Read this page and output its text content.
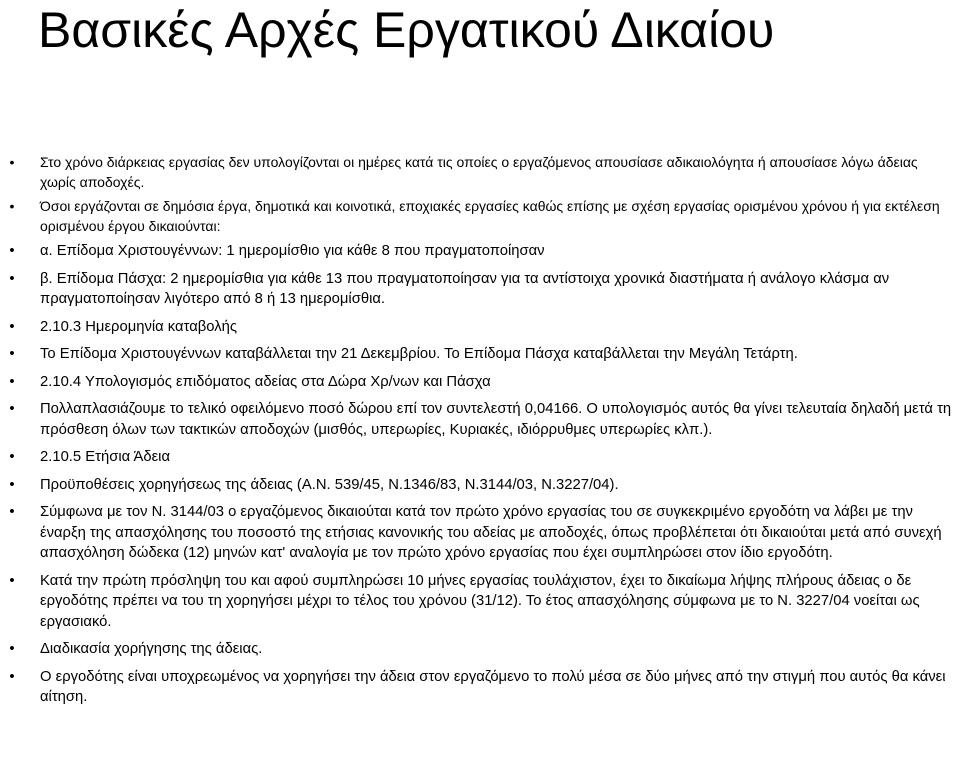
Βασικές Αρχές Εργατικού Δικαίου
• Στο χρόνο διάρκειας εργασίας δεν υπολογίζονται οι ημέρες κατά τις οποίες ο εργαζόμενος απουσίασε αδικαιολόγητα ή απουσίασε λόγω άδειας χωρίς αποδοχές.
• Όσοι εργάζονται σε δημόσια έργα, δημοτικά και κοινοτικά, εποχιακές εργασίες καθώς επίσης με σχέση εργασίας ορισμένου χρόνου ή για εκτέλεση ορισμένου έργου δικαιούνται:
• α. Επίδομα Χριστουγέννων: 1 ημερομίσθιο για κάθε 8 που πραγματοποίησαν
• β. Επίδομα Πάσχα: 2 ημερομίσθια για κάθε 13 που πραγματοποίησαν για τα αντίστοιχα χρονικά διαστήματα ή ανάλογο κλάσμα αν πραγματοποίησαν λιγότερο από 8 ή 13 ημερομίσθια.
• 2.10.3 Ημερομηνία καταβολής
• Το Επίδομα Χριστουγέννων καταβάλλεται την 21 Δεκεμβρίου. Το Επίδομα Πάσχα καταβάλλεται την Μεγάλη Τετάρτη.
• 2.10.4 Υπολογισμός επιδόματος αδείας στα Δώρα Χρ/νων και Πάσχα
• Πολλαπλασιάζουμε το τελικό οφειλόμενο ποσό δώρου επί τον συντελεστή 0,04166. Ο υπολογισμός αυτός θα γίνει τελευταία δηλαδή μετά τη πρόσθεση όλων των τακτικών αποδοχών (μισθός, υπερωρίες, Κυριακές, ιδιόρρυθμες υπερωρίες κλπ.).
• 2.10.5 Ετήσια Άδεια
• Προϋποθέσεις χορηγήσεως της άδειας (Α.Ν. 539/45, Ν.1346/83, Ν.3144/03, Ν.3227/04).
• Σύμφωνα με τον Ν. 3144/03 ο εργαζόμενος δικαιούται κατά τον πρώτο χρόνο εργασίας του σε συγκεκριμένο εργοδότη να λάβει με την έναρξη της απασχόλησης του ποσοστό της ετήσιας κανονικής του αδείας με αποδοχές, όπως προβλέπεται ότι δικαιούται μετά από συνεχή απασχόληση δώδεκα (12) μηνών κατ' αναλογία με τον πρώτο χρόνο εργασίας που έχει συμπληρώσει στον ίδιο εργοδότη.
• Κατά την πρώτη πρόσληψη του και αφού συμπληρώσει 10 μήνες εργασίας τουλάχιστον, έχει το δικαίωμα λήψης πλήρους άδειας ο δε εργοδότης πρέπει να του τη χορηγήσει μέχρι το τέλος του χρόνου (31/12). Το έτος απασχόλησης σύμφωνα με το Ν. 3227/04 νοείται ως εργασιακό.
• Διαδικασία χορήγησης της άδειας.
• Ο εργοδότης είναι υποχρεωμένος να χορηγήσει την άδεια στον εργαζόμενο το πολύ μέσα σε δύο μήνες από την στιγμή που αυτός θα κάνει αίτηση.
